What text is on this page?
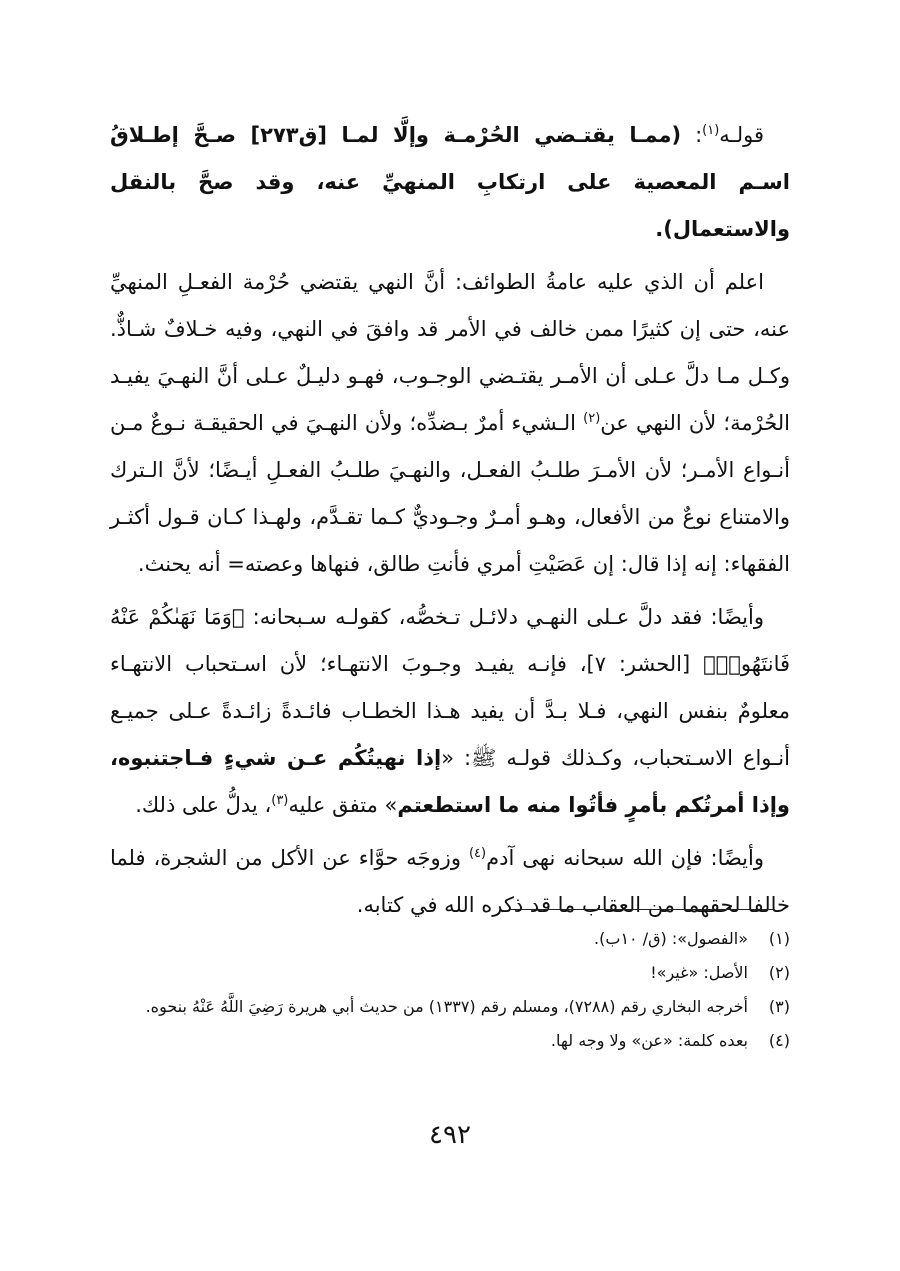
قولـه$^{(١)}$: (ممـا يقتـضي الحُرْمـة وإلَّا لمـا [ق٢٧٣] صـحَّ إطـلاقُ اسـم المعصية على ارتكابِ المنهيِّ عنه، وقد صحَّ بالنقل والاستعمال).

اعلم أن الذي عليه عامةُ الطوائف: أنَّ النهي يقتضي حُرْمة الفعـلِ المنهيِّ عنه، حتى إن كثيرًا ممن خالف في الأمر قد وافقَ في النهي، وفيه خـلافٌ شـاذٌّ. وكـل مـا دلَّ عـلى أن الأمـر يقتـضي الوجـوب، فهـو دليـلٌ عـلى أنَّ النهـيَ يفيـد الحُرْمة؛ لأن النهي عن$^{(٢)}$ الـشيء أمرٌ بـضدِّه؛ ولأن النهـيَ في الحقيقـة نـوعٌ مـن أنـواع الأمـر؛ لأن الأمـرَ طلـبُ الفعـل، والنهـيَ طلـبُ الفعـلِ أيـضًا؛ لأنَّ الـترك والامتناع نوعٌ من الأفعال، وهـو أمـرٌ وجـوديٌّ كـما تقـدَّم، ولهـذا كـان قـول أكثـر الفقهاء: إنه إذا قال: إن عَصَيْتِ أمري فأنتِ طالق، فنهاها وعصته= أنه يحنث.

وأيضًا: فقد دلَّ عـلى النهـي دلائـل تـخصُّه، كقولـه سـبحانه: ﴿وَمَا نَهَىٰكُمْ عَنْهُ فَانتَهُوا۟﴾ [الحشر: ٧]، فإنـه يفيـد وجـوبَ الانتهـاء؛ لأن اسـتحباب الانتهـاء معلومٌ بنفس النهي، فـلا بـدَّ أن يفيد هـذا الخطـاب فائـدةً زائـدةً عـلى جميـع أنـواع الاسـتحباب، وكـذلك قولـه ﷺ: «إذا نهيتُكُم عـن شيءٍ فـاجتنبوه، وإذا أمرتُكم بأمرٍ فأتُوا منه ما استطعتم» متفق عليه$^{(٣)}$، يدلُّ على ذلك.

وأيضًا: فإن الله سبحانه نهى آدم$^{(٤)}$ وزوجَه حوَّاء عن الأكل من الشجرة، فلما خالفا لحقهما من العقاب ما قد ذكره الله في كتابه.

(١)
«الفصول»: (ق/ ١٠ب).
(٢)
الأصل: «غير»!
(٣)
أخرجه البخاري رقم (٧٢٨٨)، ومسلم رقم (١٣٣٧) من حديث أبي هريرة رَضِيَ اللَّهُ عَنْهُ بنحوه.
(٤)
بعده كلمة: «عن» ولا وجه لها.
٤٩٢
